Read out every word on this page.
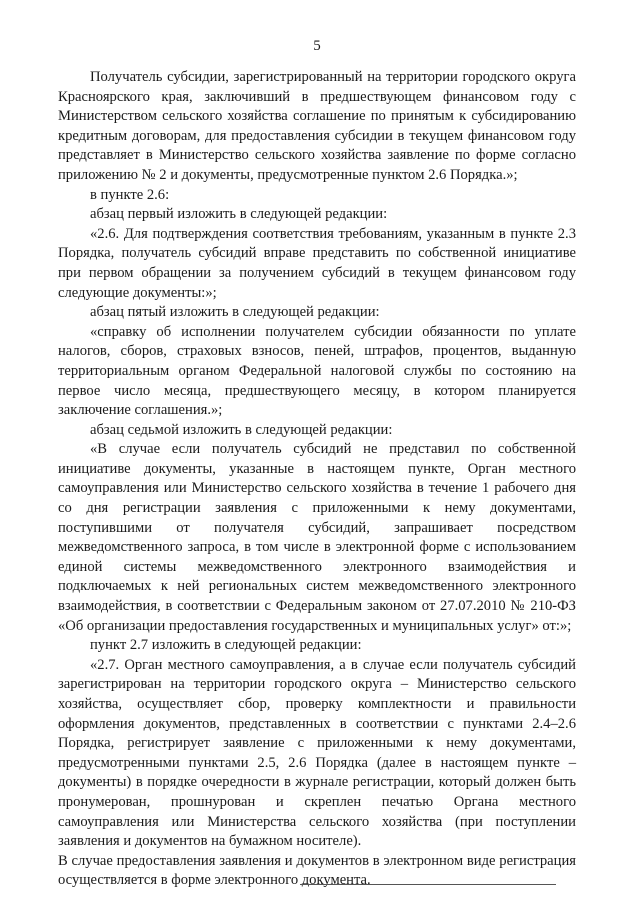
5

Получатель субсидии, зарегистрированный на территории городского округа Красноярского края, заключивший в предшествующем финансовом году с Министерством сельского хозяйства соглашение по принятым к субсидированию кредитным договорам, для предоставления субсидии в текущем финансовом году представляет в Министерство сельского хозяйства заявление по форме согласно приложению № 2 и документы, предусмотренные пунктом 2.6 Порядка.»;

в пункте 2.6:

абзац первый изложить в следующей редакции:

«2.6. Для подтверждения соответствия требованиям, указанным в пункте 2.3 Порядка, получатель субсидий вправе представить по собственной инициативе при первом обращении за получением субсидий в текущем финансовом году следующие документы:»;

абзац пятый изложить в следующей редакции:

«справку об исполнении получателем субсидии обязанности по уплате налогов, сборов, страховых взносов, пеней, штрафов, процентов, выданную территориальным органом Федеральной налоговой службы по состоянию на первое число месяца, предшествующего месяцу, в котором планируется заключение соглашения.»;

абзац седьмой изложить в следующей редакции:

«В случае если получатель субсидий не представил по собственной инициативе документы, указанные в настоящем пункте, Орган местного самоуправления или Министерство сельского хозяйства в течение 1 рабочего дня со дня регистрации заявления с приложенными к нему документами, поступившими от получателя субсидий, запрашивает посредством межведомственного запроса, в том числе в электронной форме с использованием единой системы межведомственного электронного взаимодействия и подключаемых к ней региональных систем межведомственного электронного взаимодействия, в соответствии с Федеральным законом от 27.07.2010 № 210-ФЗ «Об организации предоставления государственных и муниципальных услуг» от:»;

пункт 2.7 изложить в следующей редакции:

«2.7. Орган местного самоуправления, а в случае если получатель субсидий зарегистрирован на территории городского округа – Министерство сельского хозяйства, осуществляет сбор, проверку комплектности и правильности оформления документов, представленных в соответствии с пунктами 2.4–2.6 Порядка, регистрирует заявление с приложенными к нему документами, предусмотренными пунктами 2.5, 2.6 Порядка (далее в настоящем пункте – документы) в порядке очередности в журнале регистрации, который должен быть пронумерован, прошнурован и скреплен печатью Органа местного самоуправления или Министерства сельского хозяйства (при поступлении заявления и документов на бумажном носителе).

В случае предоставления заявления и документов в электронном виде регистрация осуществляется в форме электронного документа.
